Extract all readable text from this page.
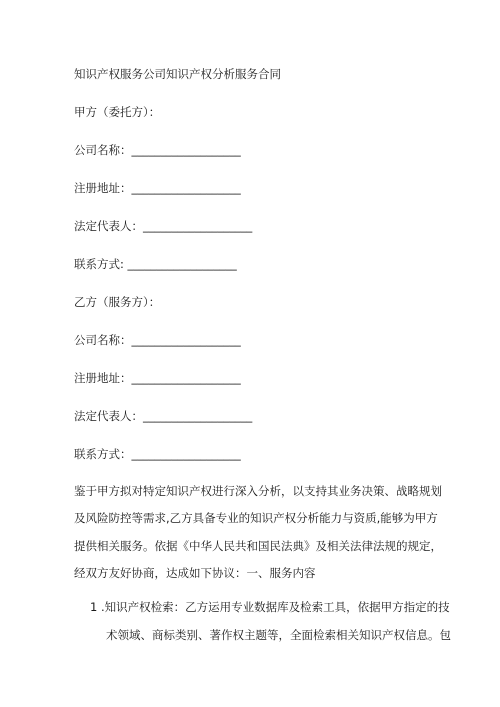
知识产权服务公司知识产权分析服务合同
甲方（委托方）：
公司名称：___________________
注册地址：___________________
法定代表人：___________________
联系方式: ___________________
乙方（服务方）：
公司名称：___________________
注册地址：___________________
法定代表人：___________________
联系方式：___________________
鉴于甲方拟对特定知识产权进行深入分析，以支持其业务决策、战略规划
及风险防控等需求,乙方具备专业的知识产权分析能力与资质,能够为甲方
提供相关服务。依据《中华人民共和国民法典》及相关法律法规的规定，
经双方友好协商，达成如下协议：一、服务内容
1 .知识产权检索：乙方运用专业数据库及检索工具，依据甲方指定的技
术领域、商标类别、著作权主题等，全面检索相关知识产权信息。包
